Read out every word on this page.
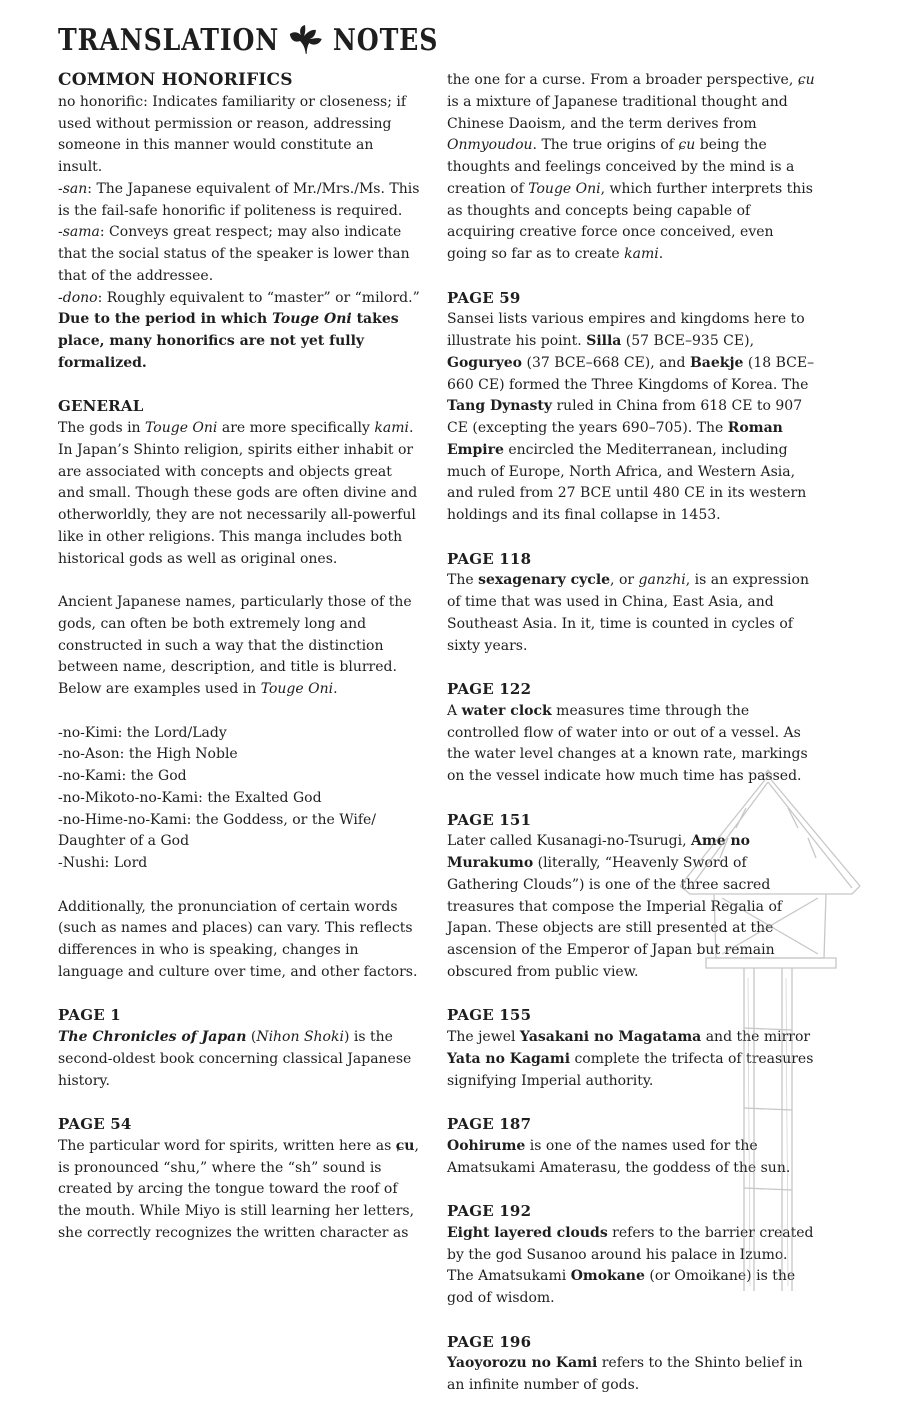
TRANSLATION NOTES
COMMON HONORIFICS

no honorific: Indicates familiarity or closeness; if used without permission or reason, addressing someone in this manner would constitute an insult.

-san: The Japanese equivalent of Mr./Mrs./Ms. This is the fail-safe honorific if politeness is required.

-sama: Conveys great respect; may also indicate that the social status of the speaker is lower than that of the addressee.

-dono: Roughly equivalent to “master” or “milord.”

Due to the period in which Touge Oni takes place, many honorifics are not yet fully formalized.

GENERAL

The gods in Touge Oni are more specifically kami. In Japan’s Shinto religion, spirits either inhabit or are associated with concepts and objects great and small. Though these gods are often divine and otherworldly, they are not necessarily all-powerful like in other religions. This manga includes both historical gods as well as original ones.

Ancient Japanese names, particularly those of the gods, can often be both extremely long and constructed in such a way that the distinction between name, description, and title is blurred. Below are examples used in Touge Oni.

-no-Kimi: the Lord/Lady
-no-Ason: the High Noble
-no-Kami: the God
-no-Mikoto-no-Kami: the Exalted God
-no-Hime-no-Kami: the Goddess, or the Wife/
Daughter of a God
-Nushi: Lord

Additionally, the pronunciation of certain words (such as names and places) can vary. This reflects differences in who is speaking, changes in language and culture over time, and other factors.

PAGE 1

The Chronicles of Japan (Nihon Shoki) is the second-oldest book concerning classical Japanese history.

PAGE 54

The particular word for spirits, written here as ɕu, is pronounced “shu,” where the “sh” sound is created by arcing the tongue toward the roof of the mouth. While Miyo is still learning her letters, she correctly recognizes the written character as

the one for a curse. From a broader perspective, ɕu is a mixture of Japanese traditional thought and Chinese Daoism, and the term derives from Onmyoudou. The true origins of ɕu being the thoughts and feelings conceived by the mind is a creation of Touge Oni, which further interprets this as thoughts and concepts being capable of acquiring creative force once conceived, even going so far as to create kami.

PAGE 59

Sansei lists various empires and kingdoms here to illustrate his point. Silla (57 BCE–935 CE), Goguryeo (37 BCE–668 CE), and Baekje (18 BCE–660 CE) formed the Three Kingdoms of Korea. The Tang Dynasty ruled in China from 618 CE to 907 CE (excepting the years 690–705). The Roman Empire encircled the Mediterranean, including much of Europe, North Africa, and Western Asia, and ruled from 27 BCE until 480 CE in its western holdings and its final collapse in 1453.

PAGE 118

The sexagenary cycle, or ganzhi, is an expression of time that was used in China, East Asia, and Southeast Asia. In it, time is counted in cycles of sixty years.

PAGE 122

A water clock measures time through the controlled flow of water into or out of a vessel. As the water level changes at a known rate, markings on the vessel indicate how much time has passed.

PAGE 151

Later called Kusanagi-no-Tsurugi, Ame no Murakumo (literally, “Heavenly Sword of Gathering Clouds”) is one of the three sacred treasures that compose the Imperial Regalia of Japan. These objects are still presented at the ascension of the Emperor of Japan but remain obscured from public view.

PAGE 155

The jewel Yasakani no Magatama and the mirror Yata no Kagami complete the trifecta of treasures signifying Imperial authority.

PAGE 187

Oohirume is one of the names used for the Amatsukami Amaterasu, the goddess of the sun.

PAGE 192

Eight layered clouds refers to the barrier created by the god Susanoo around his palace in Izumo. The Amatsukami Omokane (or Omoikane) is the god of wisdom.

PAGE 196

Yaoyorozu no Kami refers to the Shinto belief in an infinite number of gods.
